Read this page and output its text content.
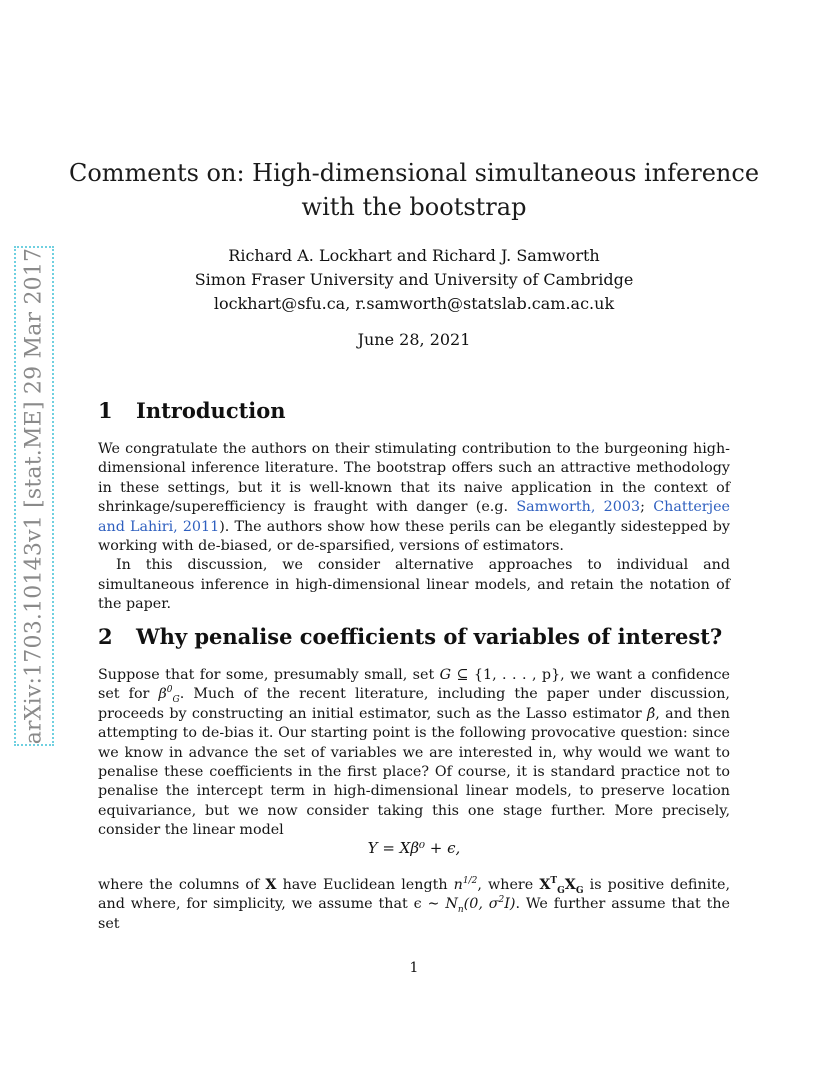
arXiv:1703.10143v1 [stat.ME] 29 Mar 2017
Comments on: High-dimensional simultaneous inference
with the bootstrap
Richard A. Lockhart and Richard J. Samworth
Simon Fraser University and University of Cambridge
lockhart@sfu.ca, r.samworth@statslab.cam.ac.uk
June 28, 2021
1 Introduction
We congratulate the authors on their stimulating contribution to the burgeoning high-dimensional inference literature. The bootstrap offers such an attractive methodology in these settings, but it is well-known that its naive application in the context of shrinkage/superefficiency is fraught with danger (e.g. Samworth, 2003; Chatterjee and Lahiri, 2011). The authors show how these perils can be elegantly sidestepped by working with de-biased, or de-sparsified, versions of estimators.
In this discussion, we consider alternative approaches to individual and simultaneous inference in high-dimensional linear models, and retain the notation of the paper.
2 Why penalise coefficients of variables of interest?
Suppose that for some, presumably small, set G ⊆ {1, . . . , p}, we want a confidence set for $\beta^0_G$. Much of the recent literature, including the paper under discussion, proceeds by constructing an initial estimator, such as the Lasso estimator β̂, and then attempting to de-bias it. Our starting point is the following provocative question: since we know in advance the set of variables we are interested in, why would we want to penalise these coefficients in the first place? Of course, it is standard practice not to penalise the intercept term in high-dimensional linear models, to preserve location equivariance, but we now consider taking this one stage further. More precisely, consider the linear model
Y = Xβ⁰ + ϵ,
where the columns of X have Euclidean length $n^{1/2}$, where $X^T_GX_G$ is positive definite, and where, for simplicity, we assume that ϵ ∼ $N_n(0$, $\sigma^2I$). We further assume that the set
1
